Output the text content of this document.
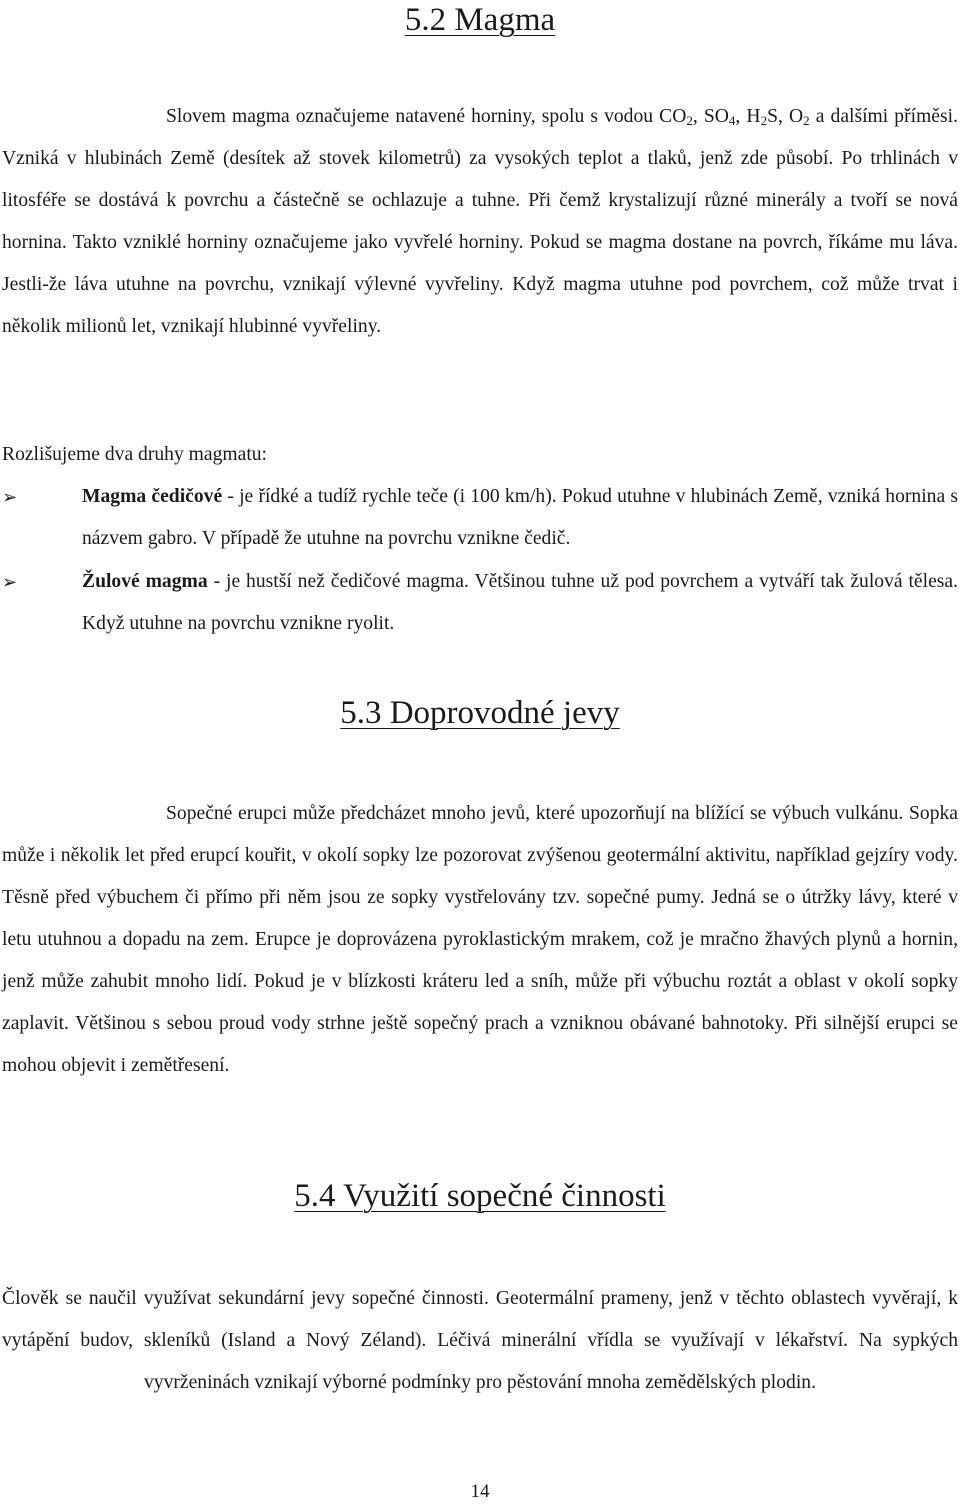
5.2 Magma

Slovem magma označujeme natavené horniny, spolu s vodou $CO_2$, $SO_4$, $H_2S$, $O_2$ a dalšími příměsi. Vzniká v hlubinách Země (desítek až stovek kilometrů) za vysokých teplot a tlaků, jenž zde působí. Po trhlinách v litosféře se dostává k povrchu a částečně se ochlazuje a tuhne. Při čemž krystalizují různé minerály a tvoří se nová hornina. Takto vzniklé horniny označujeme jako vyvřelé horniny. Pokud se magma dostane na povrch, říkáme mu láva. Jestli-že láva utuhne na povrchu, vznikají výlevné vyvřeliny. Když magma utuhne pod povrchem, což může trvat i několik milionů let, vznikají hlubinné vyvřeliny.

Rozlišujeme dva druhy magmatu:

➢	Magma čedičové - je řídké a tudíž rychle teče (i 100 km/h). Pokud utuhne v hlubinách Země, vzniká hornina s názvem gabro. V případě že utuhne na povrchu vznikne čedič.
➢	Žulové magma - je hustší než čedičové magma. Většinou tuhne už pod povrchem a vytváří tak žulová tělesa. Když utuhne na povrchu vznikne ryolit.
5.3 Doprovodné jevy

Sopečné erupci může předcházet mnoho jevů, které upozorňují na blížící se výbuch vulkánu. Sopka může i několik let před erupcí kouřit, v okolí sopky lze pozorovat zvýšenou geotermální aktivitu, například gejzíry vody. Těsně před výbuchem či přímo při něm jsou ze sopky vystřelovány tzv. sopečné pumy. Jedná se o útržky lávy, které v letu utuhnou a dopadu na zem. Erupce je doprovázena pyroklastickým mrakem, což je mračno žhavých plynů a hornin, jenž může zahubit mnoho lidí. Pokud je v blízkosti kráteru led a sníh, může při výbuchu roztát a oblast v okolí sopky zaplavit. Většinou s sebou proud vody strhne ještě sopečný prach a vzniknou obávané bahnotoky. Při silnější erupci se mohou objevit i zemětřesení.

5.4 Využití sopečné činnosti

Člověk se naučil využívat sekundární jevy sopečné činnosti. Geotermální prameny, jenž v těchto oblastech vyvěrají, k vytápění budov, skleníků (Island a Nový Zéland). Léčivá minerální vřídla se využívají v lékařství. Na sypkých vyvrženinách vznikají výborné podmínky pro pěstování mnoha zemědělských plodin.

14
